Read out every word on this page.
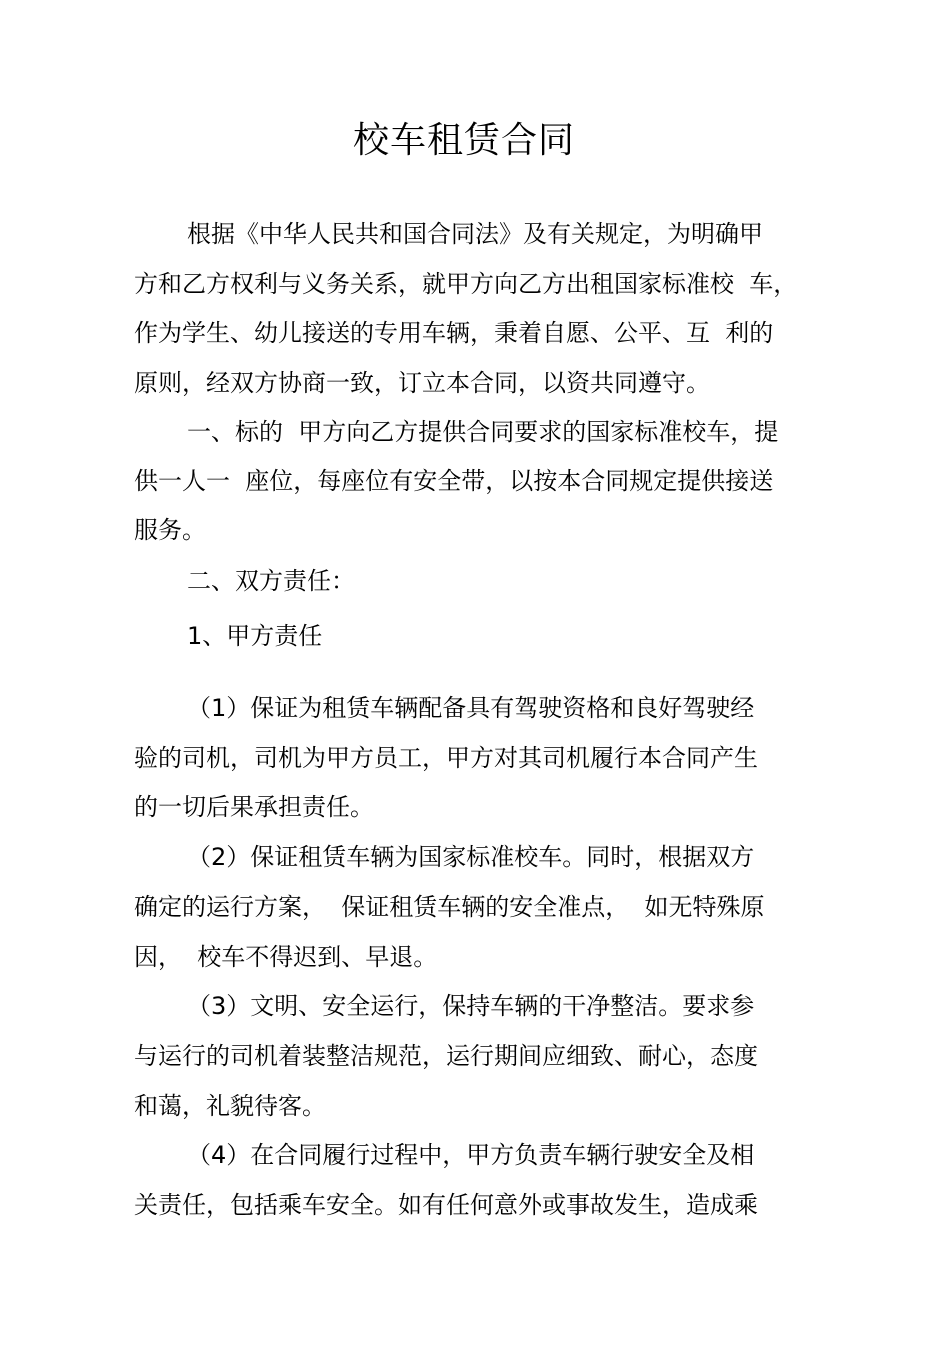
校车租赁合同
根据《中华人民共和国合同法》及有关规定，为明确甲
方和乙方权利与义务关系，就甲方向乙方出租国家标准校  车，
作为学生、幼儿接送的专用车辆，秉着自愿、公平、互  利的
原则，经双方协商一致，订立本合同，以资共同遵守。
一、标的  甲方向乙方提供合同要求的国家标准校车，提
供一人一  座位，每座位有安全带，以按本合同规定提供接送
服务。
二、双方责任：
1、甲方责任
（1）保证为租赁车辆配备具有驾驶资格和良好驾驶经
验的司机，司机为甲方员工，甲方对其司机履行本合同产生
的一切后果承担责任。
（2）保证租赁车辆为国家标准校车。同时，根据双方
确定的运行方案，  保证租赁车辆的安全准点，  如无特殊原
因，  校车不得迟到、早退。
（3）文明、安全运行，保持车辆的干净整洁。要求参
与运行的司机着装整洁规范，运行期间应细致、耐心，态度
和蔼，礼貌待客。
（4）在合同履行过程中，甲方负责车辆行驶安全及相
关责任，包括乘车安全。如有任何意外或事故发生，造成乘
